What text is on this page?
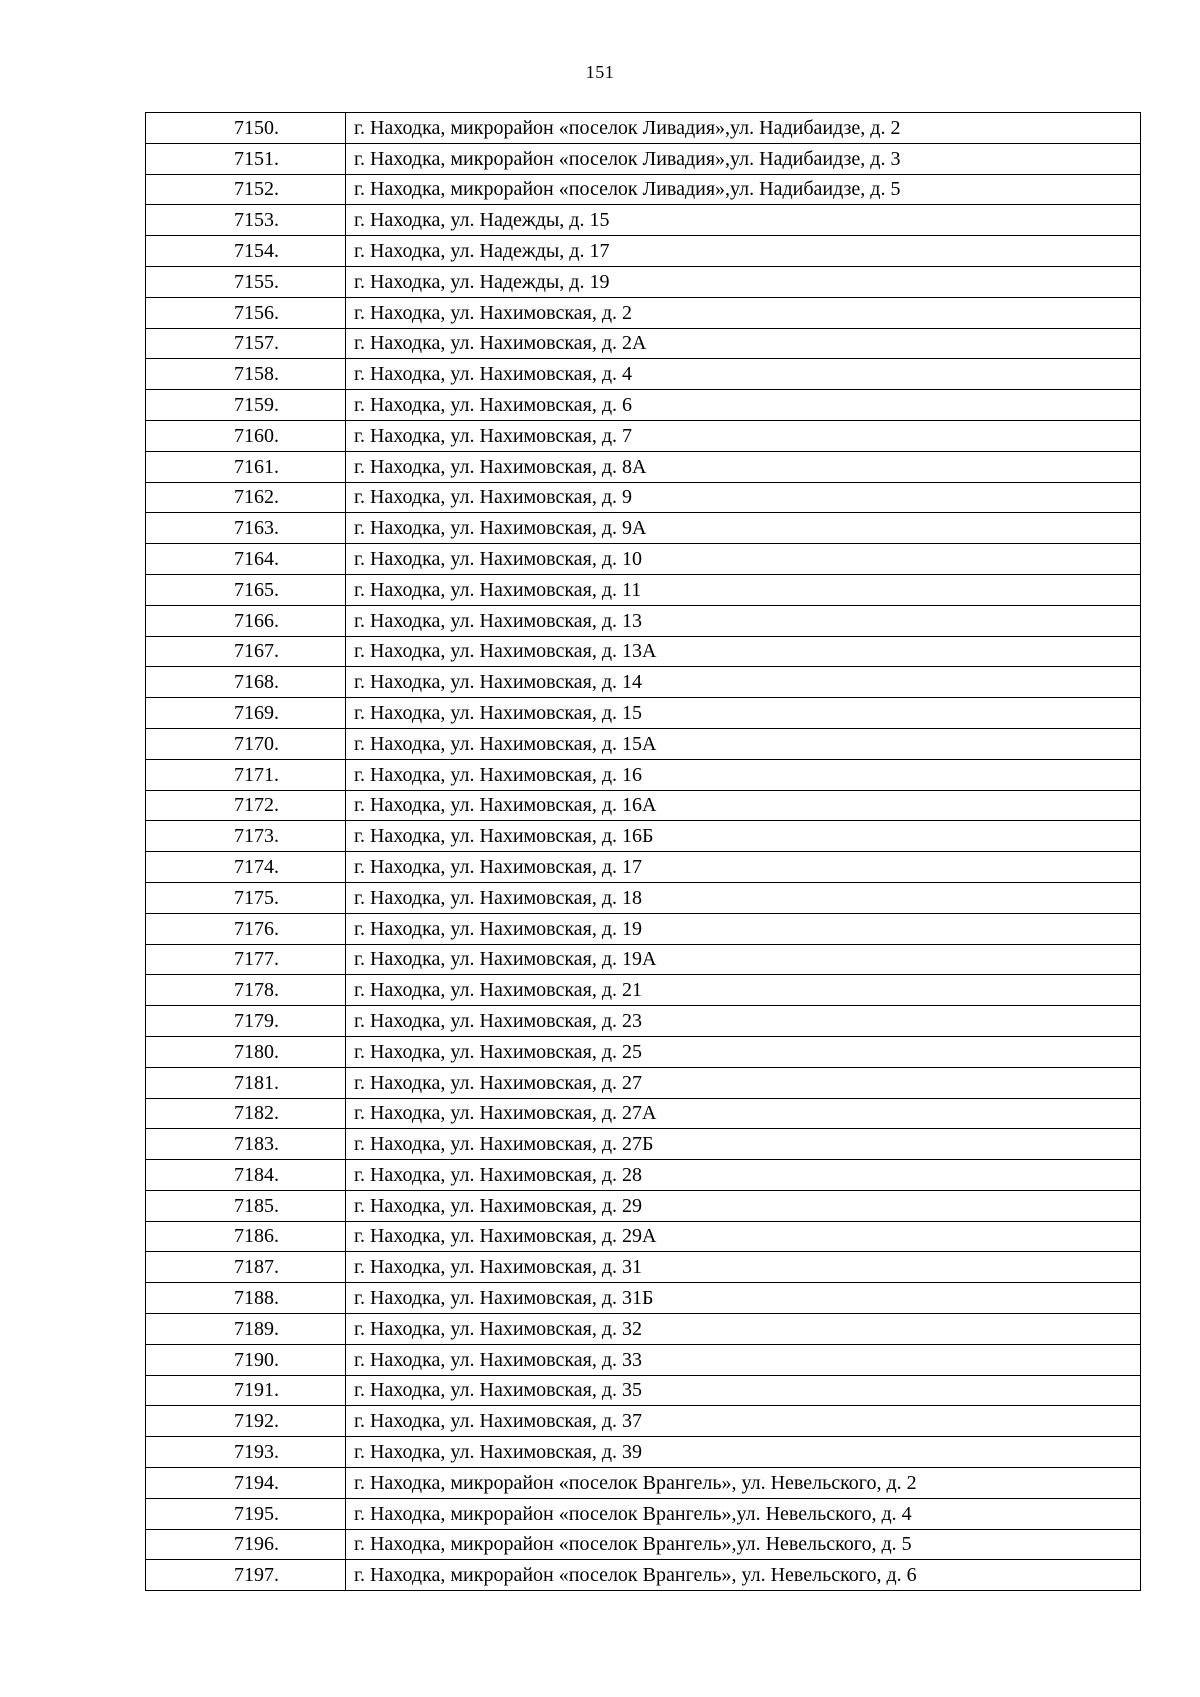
151
7150.	г. Находка, микрорайон «поселок Ливадия»,ул. Надибаидзе, д. 2
7151.	г. Находка, микрорайон «поселок Ливадия»,ул. Надибаидзе, д. 3
7152.	г. Находка, микрорайон «поселок Ливадия»,ул. Надибаидзе, д. 5
7153.	г. Находка, ул. Надежды, д. 15
7154.	г. Находка, ул. Надежды, д. 17
7155.	г. Находка, ул. Надежды, д. 19
7156.	г. Находка, ул. Нахимовская, д. 2
7157.	г. Находка, ул. Нахимовская, д. 2А
7158.	г. Находка, ул. Нахимовская, д. 4
7159.	г. Находка, ул. Нахимовская, д. 6
7160.	г. Находка, ул. Нахимовская, д. 7
7161.	г. Находка, ул. Нахимовская, д. 8А
7162.	г. Находка, ул. Нахимовская, д. 9
7163.	г. Находка, ул. Нахимовская, д. 9А
7164.	г. Находка, ул. Нахимовская, д. 10
7165.	г. Находка, ул. Нахимовская, д. 11
7166.	г. Находка, ул. Нахимовская, д. 13
7167.	г. Находка, ул. Нахимовская, д. 13А
7168.	г. Находка, ул. Нахимовская, д. 14
7169.	г. Находка, ул. Нахимовская, д. 15
7170.	г. Находка, ул. Нахимовская, д. 15А
7171.	г. Находка, ул. Нахимовская, д. 16
7172.	г. Находка, ул. Нахимовская, д. 16А
7173.	г. Находка, ул. Нахимовская, д. 16Б
7174.	г. Находка, ул. Нахимовская, д. 17
7175.	г. Находка, ул. Нахимовская, д. 18
7176.	г. Находка, ул. Нахимовская, д. 19
7177.	г. Находка, ул. Нахимовская, д. 19А
7178.	г. Находка, ул. Нахимовская, д. 21
7179.	г. Находка, ул. Нахимовская, д. 23
7180.	г. Находка, ул. Нахимовская, д. 25
7181.	г. Находка, ул. Нахимовская, д. 27
7182.	г. Находка, ул. Нахимовская, д. 27А
7183.	г. Находка, ул. Нахимовская, д. 27Б
7184.	г. Находка, ул. Нахимовская, д. 28
7185.	г. Находка, ул. Нахимовская, д. 29
7186.	г. Находка, ул. Нахимовская, д. 29А
7187.	г. Находка, ул. Нахимовская, д. 31
7188.	г. Находка, ул. Нахимовская, д. 31Б
7189.	г. Находка, ул. Нахимовская, д. 32
7190.	г. Находка, ул. Нахимовская, д. 33
7191.	г. Находка, ул. Нахимовская, д. 35
7192.	г. Находка, ул. Нахимовская, д. 37
7193.	г. Находка, ул. Нахимовская, д. 39
7194.	г. Находка, микрорайон «поселок Врангель», ул. Невельского, д. 2
7195.	г. Находка, микрорайон «поселок Врангель»,ул. Невельского, д. 4
7196.	г. Находка, микрорайон «поселок Врангель»,ул. Невельского, д. 5
7197.	г. Находка, микрорайон «поселок Врангель», ул. Невельского, д. 6
